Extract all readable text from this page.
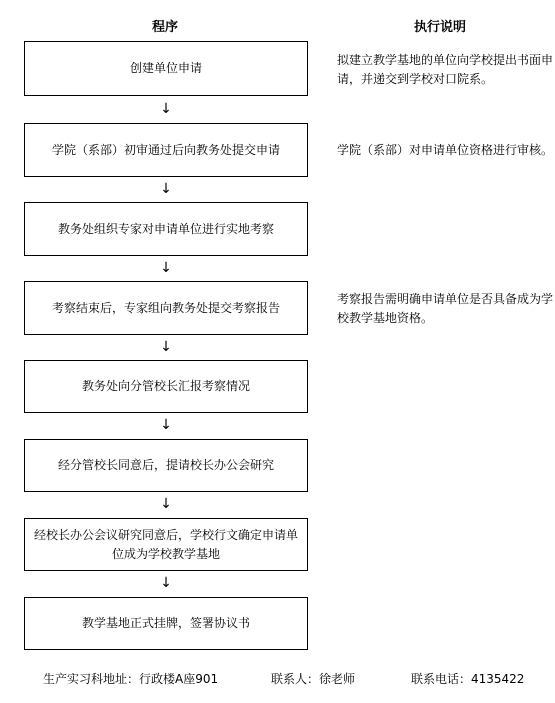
程序	执行说明
创建单位申请
↓
学院（系部）初审通过后向教务处提交申请
↓
教务处组织专家对申请单位进行实地考察
↓
考察结束后，专家组向教务处提交考察报告
↓
教务处向分管校长汇报考察情况
↓
经分管校长同意后，提请校长办公会研究
↓
经校长办公会议研究同意后，学校行文确定申请单位成为学校教学基地
↓
教学基地正式挂牌，签署协议书
拟建立教学基地的单位向学校提出书面申请，并递交到学校对口院系。
学院（系部）对申请单位资格进行审核。
考察报告需明确申请单位是否具备成为学校教学基地资格。
生产实习科地址：行政楼A座901	联系人：徐老师	联系电话：4135422
